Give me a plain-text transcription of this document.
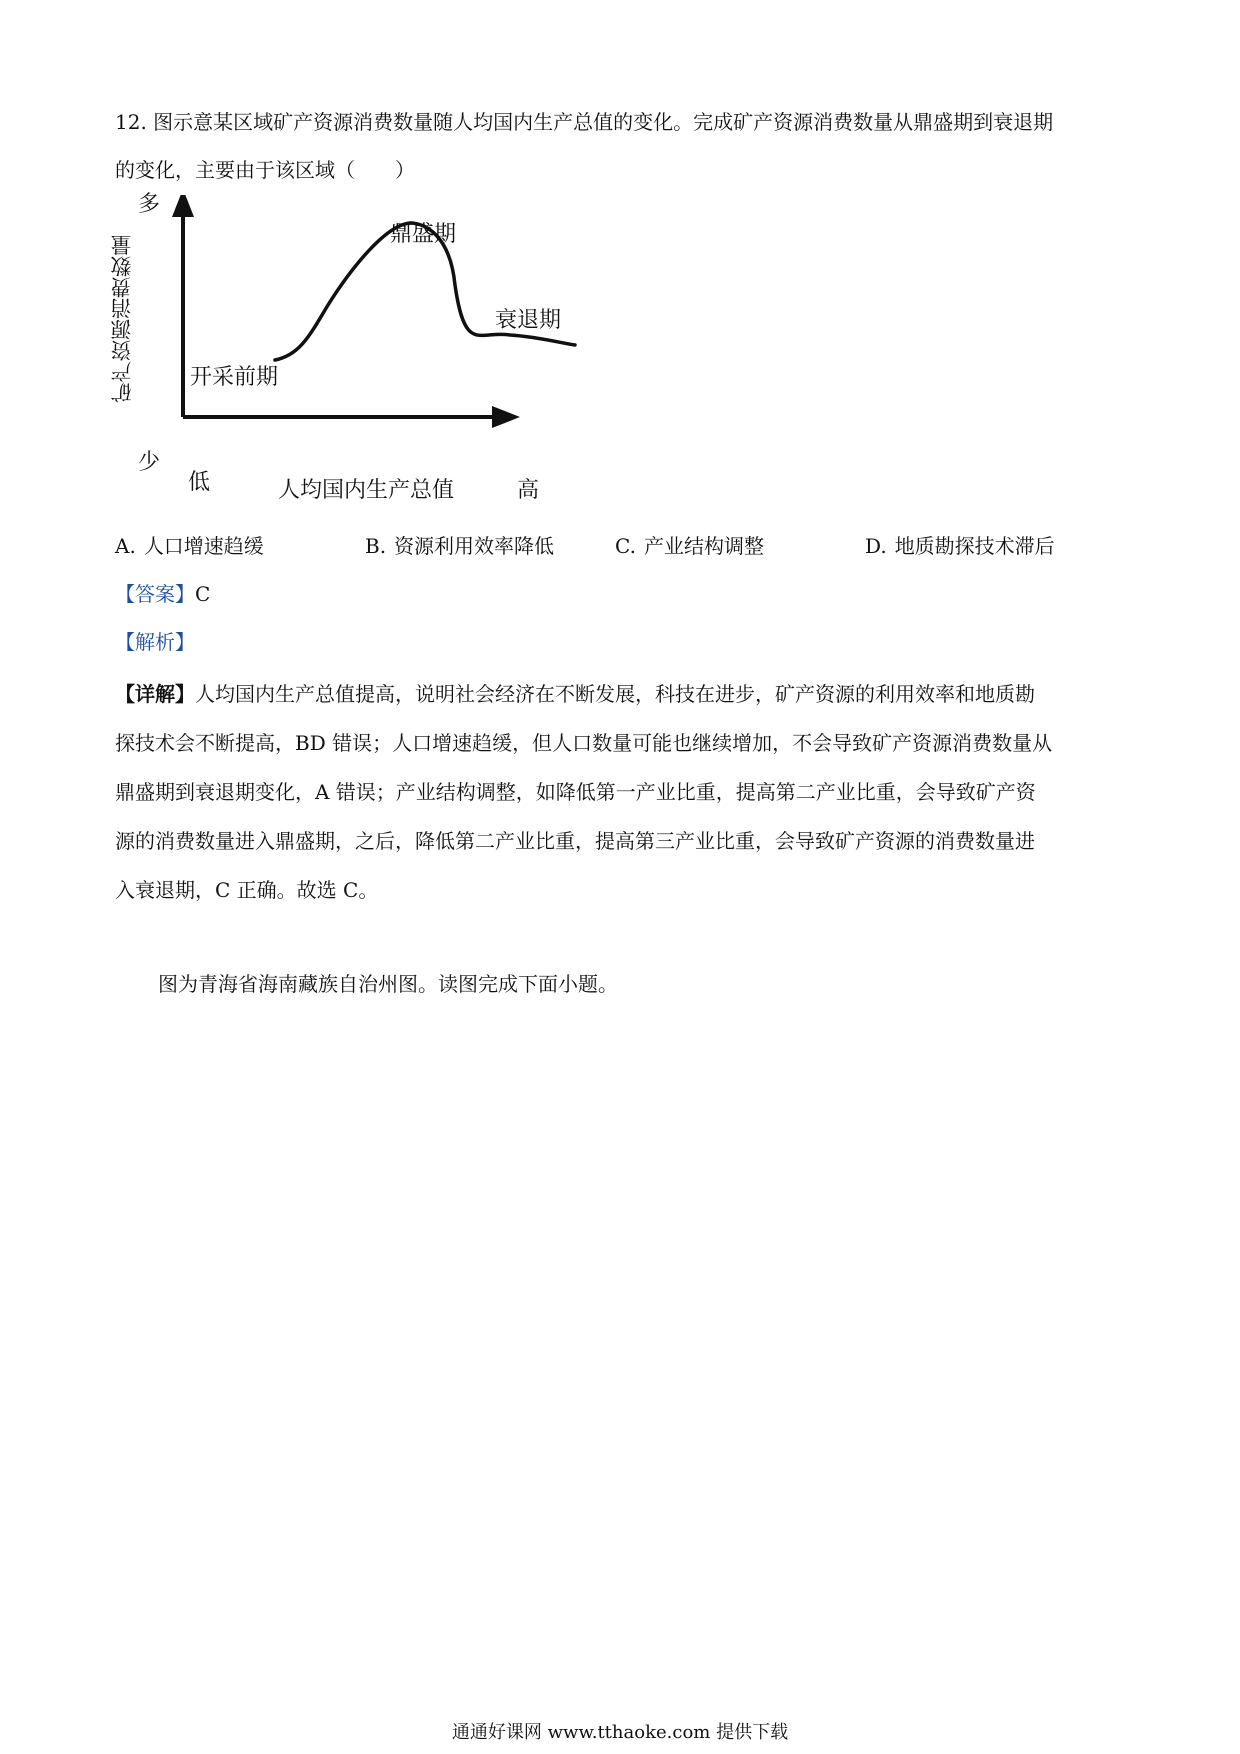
12. 图示意某区域矿产资源消费数量随人均国内生产总值的变化。完成矿产资源消费数量从鼎盛期到衰退期
的变化，主要由于该区域（　　）
矿产资源消费数量
多
少
低	人均国内生产总值	高
开采前期
鼎盛期
衰退期
A. 人口增速趋缓	B. 资源利用效率降低	C. 产业结构调整	D. 地质勘探技术滞后
【答案】C
【解析】
【详解】人均国内生产总值提高，说明社会经济在不断发展，科技在进步，矿产资源的利用效率和地质勘
探技术会不断提高，BD 错误；人口增速趋缓，但人口数量可能也继续增加，不会导致矿产资源消费数量从
鼎盛期到衰退期变化，A 错误；产业结构调整，如降低第一产业比重，提高第二产业比重，会导致矿产资
源的消费数量进入鼎盛期，之后，降低第二产业比重，提高第三产业比重，会导致矿产资源的消费数量进
入衰退期，C 正确。故选 C。
图为青海省海南藏族自治州图。读图完成下面小题。
通通好课网 www.tthaoke.com 提供下载
